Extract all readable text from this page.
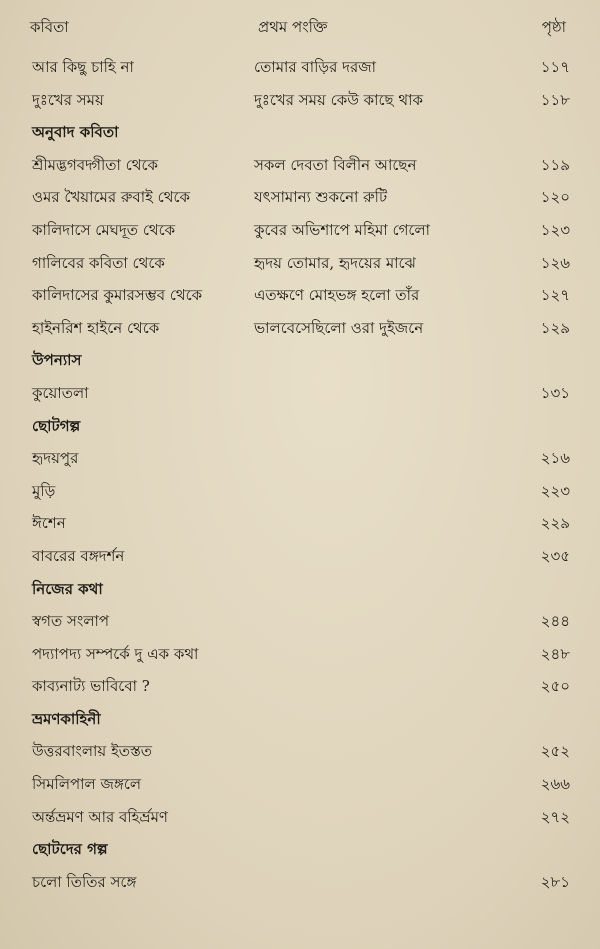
কবিতা	প্রথম পংক্তি	পৃষ্ঠা
আর কিছু চাহি না	তোমার বাড়ির দরজা	১১৭
দুঃখের সময়	দুঃখের সময় কেউ কাছে থাক	১১৮
অনুবাদ কবিতা
শ্রীমদ্ভগবদ্গীতা থেকে	সকল দেবতা বিলীন আছেন	১১৯
ওমর খৈয়ামের রুবাই থেকে	যৎসামান্য শুকনো রুটি	১২০
কালিদাসে মেঘদূত থেকে	কুবের অভিশাপে মহিমা গেলো	১২৩
গালিবের কবিতা থেকে	হৃদয় তোমার, হৃদয়ের মাঝে	১২৬
কালিদাসের কুমারসম্ভব থেকে	এতক্ষণে মোহভঙ্গ হলো তাঁর	১২৭
হাইনরিশ হাইনে থেকে	ভালবেসেছিলো ওরা দুইজনে	১২৯
উপন্যাস
কুয়োতলা	১৩১
ছোটগল্প
হৃদয়পুর	২১৬
মুড়ি	২২৩
ঈশেন	২২৯
বাবরের বঙ্গদর্শন	২৩৫
নিজের কথা
স্বগত সংলাপ	২৪৪
পদ্যাপদ্য সম্পর্কে দু এক কথা	২৪৮
কাব্যনাট্য ভাবিবো ?	২৫০
ভ্রমণকাহিনী
উত্তরবাংলায় ইতস্তত	২৫২
সিমলিপাল জঙ্গলে	২৬৬
অর্ন্তভ্রমণ আর বহির্ভ্রমণ	২৭২
ছোটদের গল্প
চলো তিতির সঙ্গে	২৮১
